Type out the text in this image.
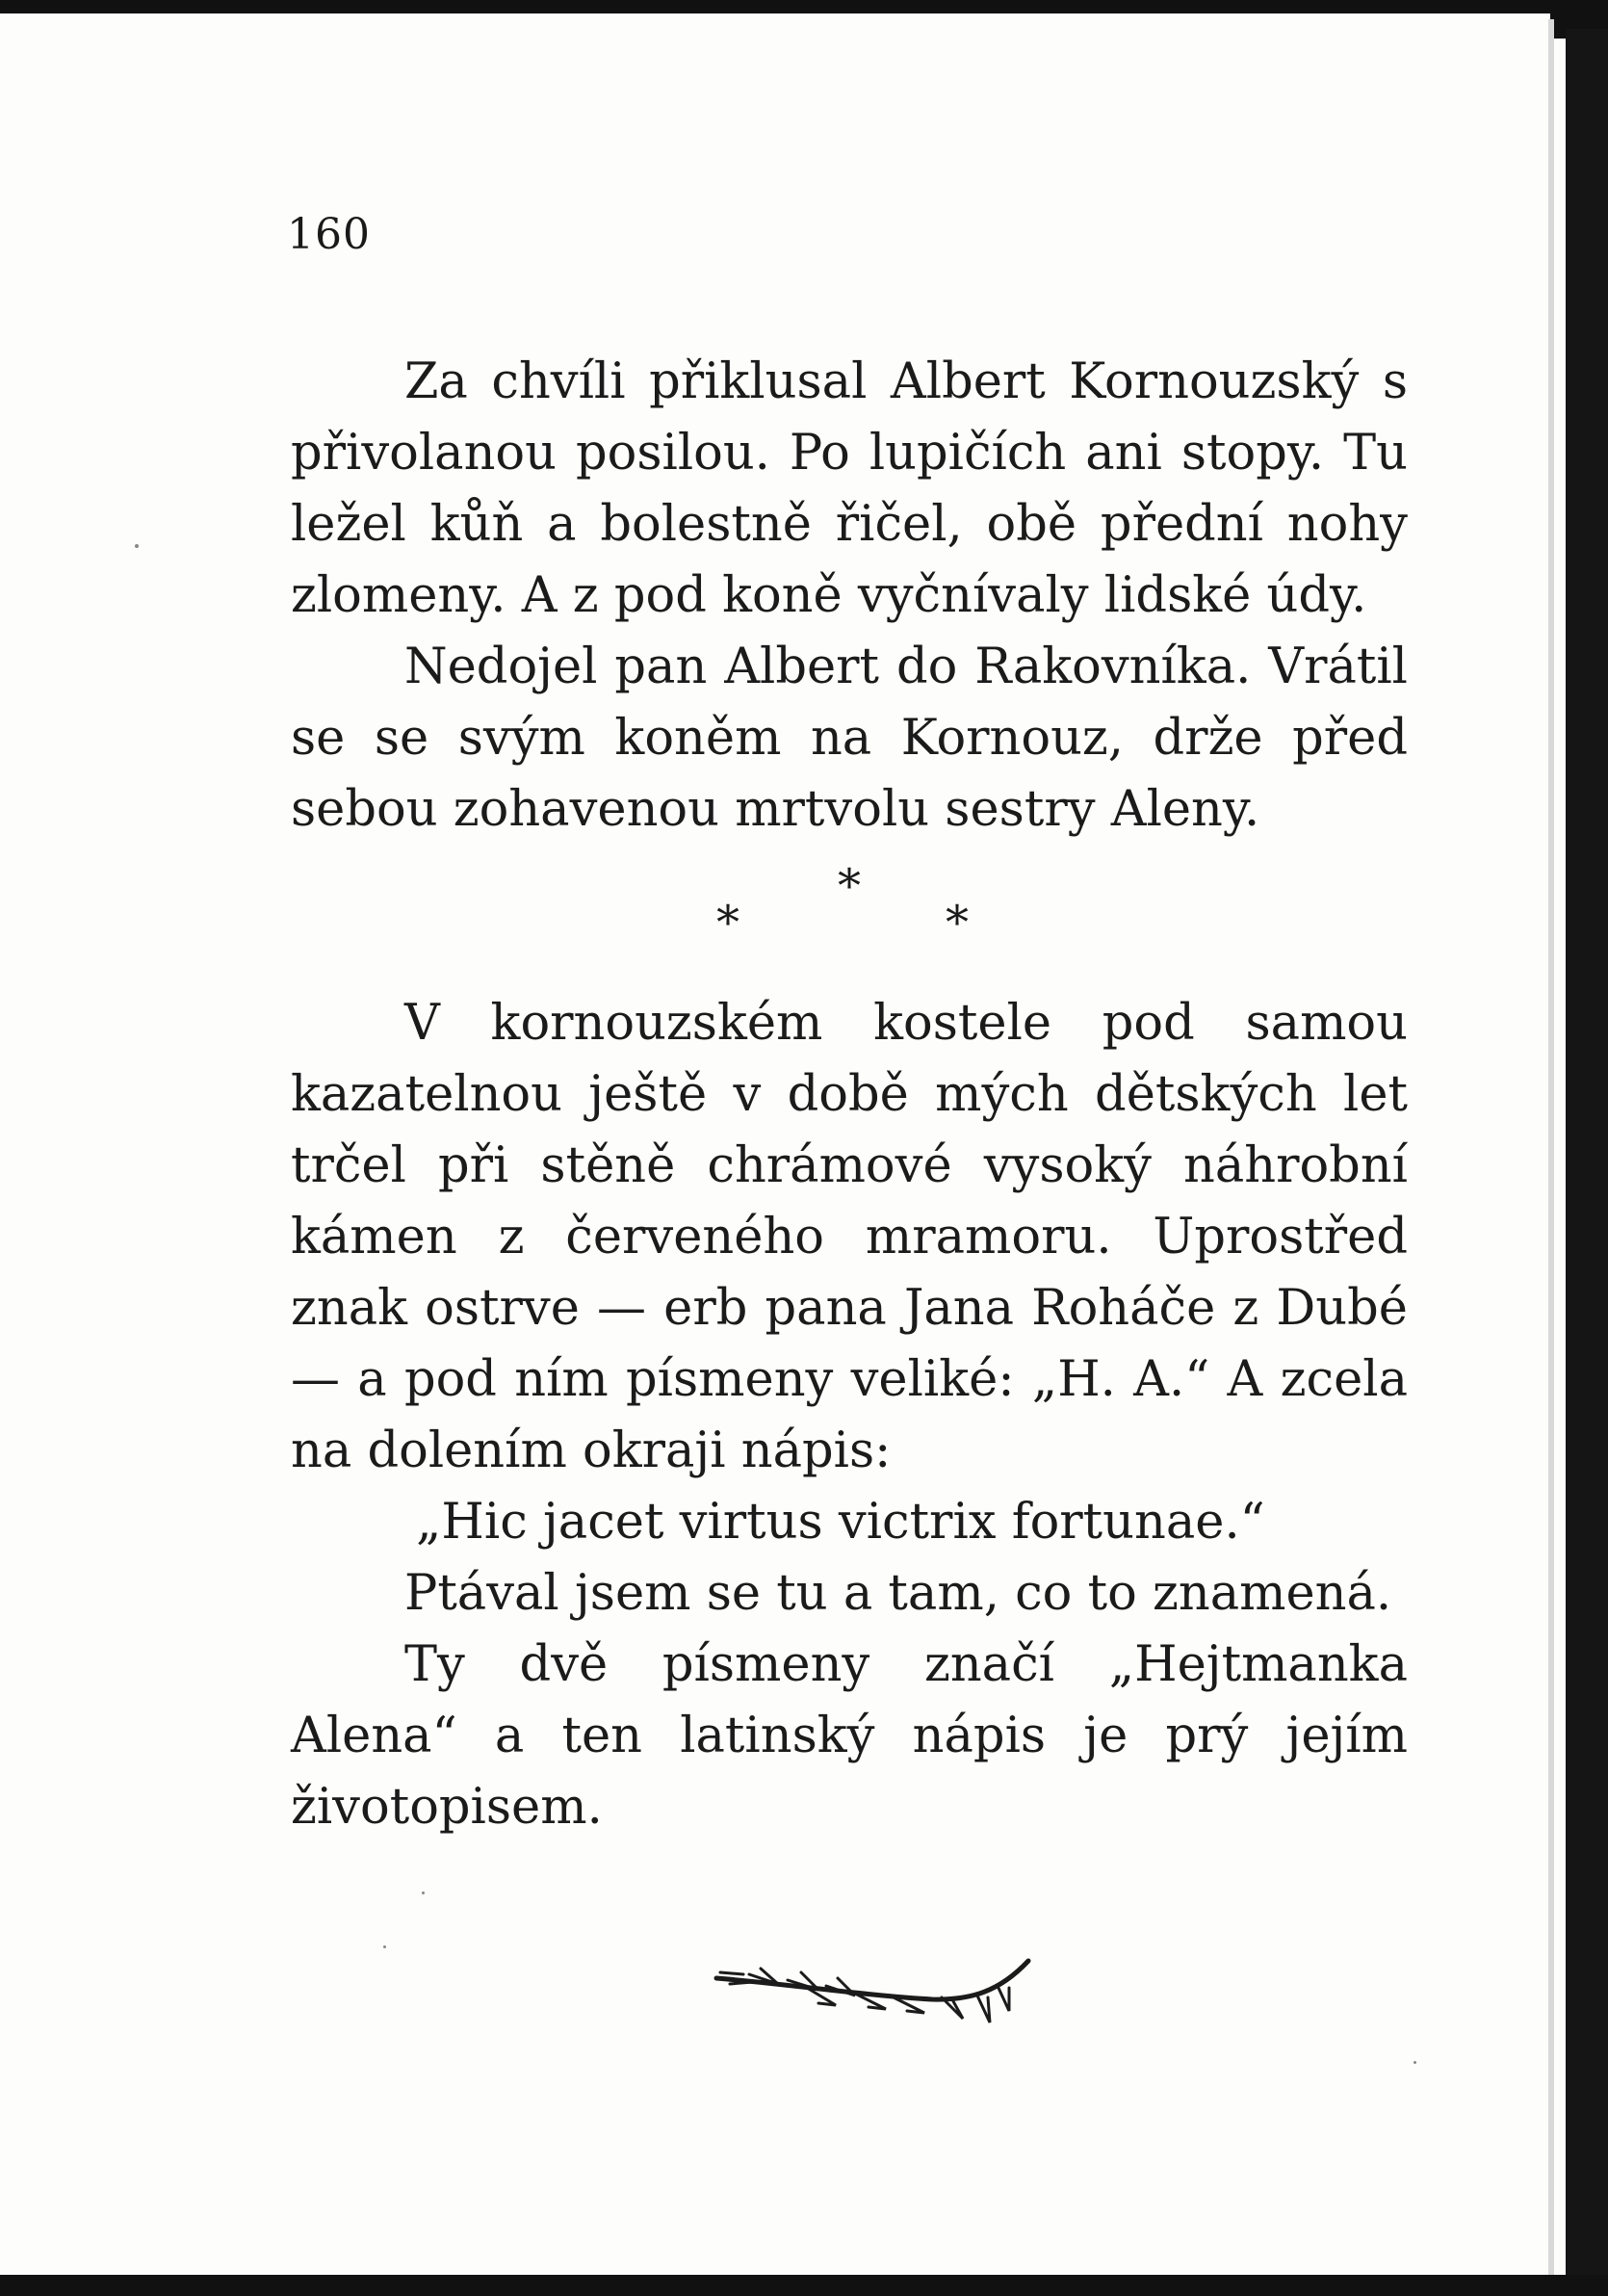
160

Za chvíli přiklusal Albert Kornouzský s přivolanou posilou. Po lupičích ani stopy. Tu ležel kůň a bolestně řičel, obě přední nohy zlomeny. A z pod koně vyčnívaly lidské údy.

Nedojel pan Albert do Rakovníka. Vrátil se se svým koněm na Kornouz, drže před sebou zohavenou mrtvolu sestry Aleny.

*
*	*

V kornouzském kostele pod samou kazatelnou ještě v době mých dětských let trčel při stěně chrámové vysoký náhrobní kámen z červeného mramoru. Uprostřed znak ostrve — erb pana Jana Roháče z Dubé — a pod ním písmeny veliké: „H. A.“ A zcela na dolením okraji nápis:

„Hic jacet virtus victrix fortunae.“

Ptával jsem se tu a tam, co to znamená.

Ty dvě písmeny značí „Hejtmanka Alena“ a ten latinský nápis je prý jejím životopisem.
